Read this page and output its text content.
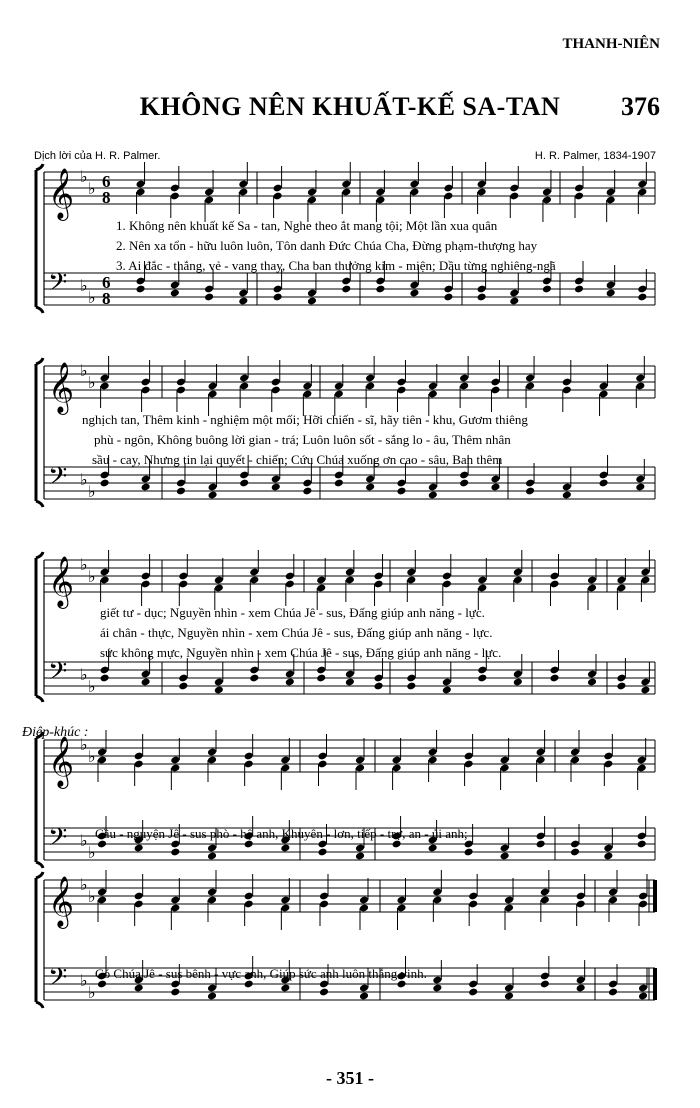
THANH-NIÊN
KHÔNG NÊN KHUẤT-KẾ SA-TAN	376
Dịch lời của H. R. Palmer.	H. R. Palmer, 1834-1907
𝄞 ♭
♭ 6
8
𝄢 ♭
♭
6
8
𝄞 ♭
♭
𝄢 ♭
♭
𝄞 ♭
♭
𝄢 ♭
♭
𝄞 ♭
♭
𝄢 ♭
♭
𝄞 ♭
♭
𝄢 ♭
♭
1. Không nên khuất kế Sa - tan, Nghe theo ắt mang tội; Một lần xua quân
2. Nên xa tổn - hữu luôn luôn, Tôn danh Đức Chúa Cha, Đừng phạm-thượng hay
3. Ai đắc - thắng, vẻ - vang thay, Cha ban thưởng kim - miện; Dầu từng nghiêng-ngã
nghịch tan, Thêm kinh - nghiệm một mối; Hỡi chiến - sĩ, hãy tiên - khu, Gươm thiêng
phù - ngôn, Không buông lời gian - trá; Luôn luôn sốt - sắng lo - âu, Thêm nhân
sầu - cay, Nhưng tin lại quyết - chiến; Cứu Chúa xuống ơn cao - sâu, Ban thêm
giết tư - dục; Nguyền nhìn - xem Chúa Jê - sus, Đấng giúp anh năng - lực.
ái chân - thực, Nguyền nhìn - xem Chúa Jê - sus, Đấng giúp anh năng - lực.
sức không mực, Nguyền nhìn - xem Chúa Jê - sus, Đấng giúp anh năng - lực.
Điệp-khúc :
Cầu - nguyện Jê - sus phò - hộ anh, Khuyên - lơn, tiếp - trợ, an - ủi anh;
Có Chúa Jê - sus bênh - vực anh, Giúp sức anh luôn thắng vinh.
- 351 -
